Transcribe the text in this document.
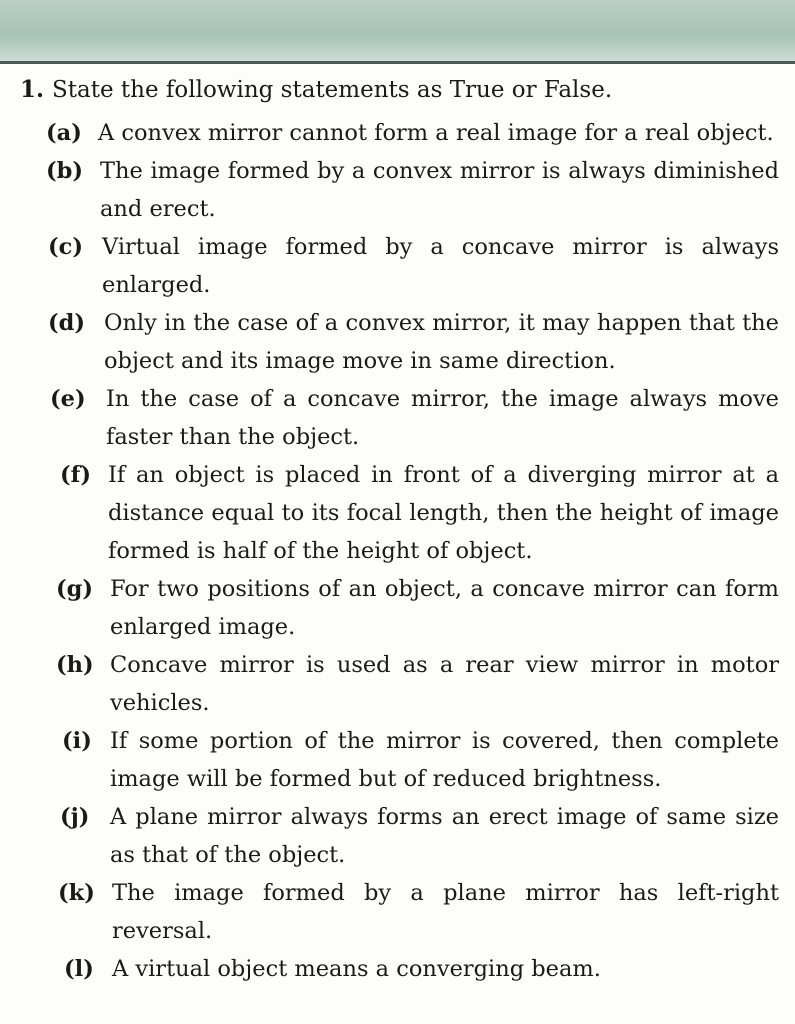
1. State the following statements as True or False.
(a) A convex mirror cannot form a real image for a real object.
(b) The image formed by a convex mirror is always diminished and erect.
(c) Virtual image formed by a concave mirror is always enlarged.
(d) Only in the case of a convex mirror, it may happen that the object and its image move in same direction.
(e) In the case of a concave mirror, the image always move faster than the object.
(f) If an object is placed in front of a diverging mirror at a distance equal to its focal length, then the height of image formed is half of the height of object.
(g) For two positions of an object, a concave mirror can form enlarged image.
(h) Concave mirror is used as a rear view mirror in motor vehicles.
(i) If some portion of the mirror is covered, then complete image will be formed but of reduced brightness.
(j) A plane mirror always forms an erect image of same size as that of the object.
(k) The image formed by a plane mirror has left-right reversal.
(l) A virtual object means a converging beam.
